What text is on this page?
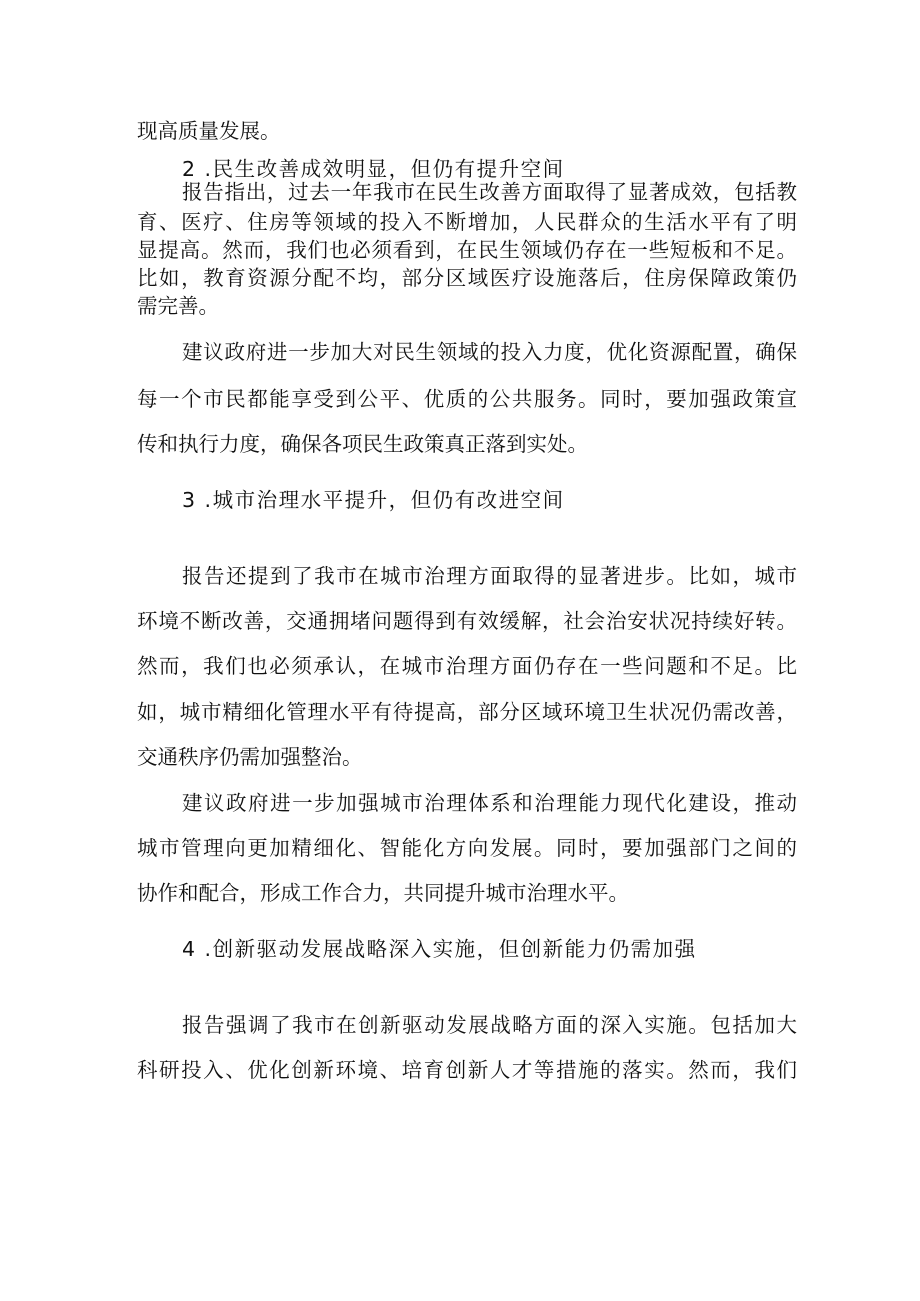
现高质量发展。
2 .民生改善成效明显，但仍有提升空间
报告指出，过去一年我市在民生改善方面取得了显著成效，包括教
育、医疗、住房等领域的投入不断增加，人民群众的生活水平有了明
显提高。然而，我们也必须看到，在民生领域仍存在一些短板和不足。
比如，教育资源分配不均，部分区域医疗设施落后，住房保障政策仍
需完善。
建议政府进一步加大对民生领域的投入力度，优化资源配置，确保
每一个市民都能享受到公平、优质的公共服务。同时，要加强政策宣
传和执行力度，确保各项民生政策真正落到实处。
3 .城市治理水平提升，但仍有改进空间
报告还提到了我市在城市治理方面取得的显著进步。比如，城市
环境不断改善，交通拥堵问题得到有效缓解，社会治安状况持续好转。
然而，我们也必须承认，在城市治理方面仍存在一些问题和不足。比
如，城市精细化管理水平有待提高，部分区域环境卫生状况仍需改善，
交通秩序仍需加强整治。
建议政府进一步加强城市治理体系和治理能力现代化建设，推动
城市管理向更加精细化、智能化方向发展。同时，要加强部门之间的
协作和配合，形成工作合力，共同提升城市治理水平。
4 .创新驱动发展战略深入实施，但创新能力仍需加强
报告强调了我市在创新驱动发展战略方面的深入实施。包括加大
科研投入、优化创新环境、培育创新人才等措施的落实。然而，我们
